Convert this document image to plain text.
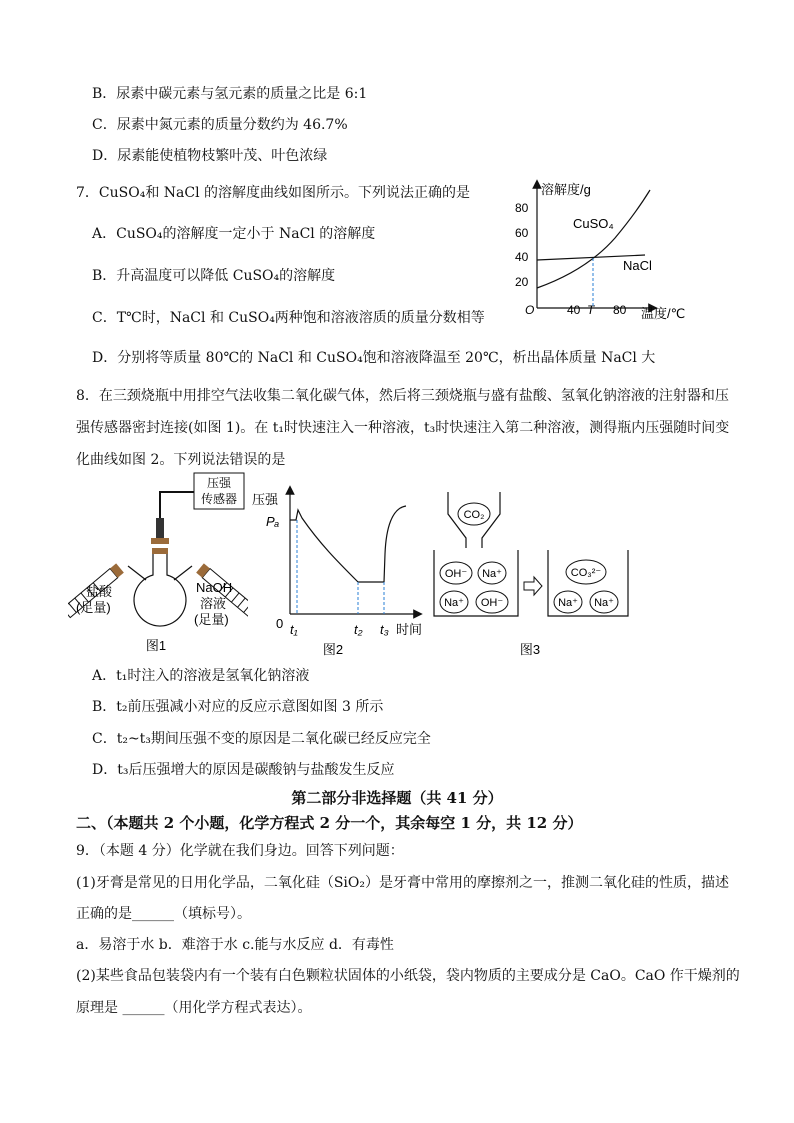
B．尿素中碳元素与氢元素的质量之比是 6:1
C．尿素中氮元素的质量分数约为 46.7%
D．尿素能使植物枝繁叶茂、叶色浓绿
7．CuSO₄和 NaCl 的溶解度曲线如图所示。下列说法正确的是
A．CuSO₄的溶解度一定小于 NaCl 的溶解度
B．升高温度可以降低 CuSO₄的溶解度
C．T℃时，NaCl 和 CuSO₄两种饱和溶液溶质的质量分数相等
D．分别将等质量 80℃的 NaCl 和 CuSO₄饱和溶液降温至 20℃，析出晶体质量 NaCl 大
溶解度/g
80
60
40
20
O	40 T 80 温度/℃
CuSO₄
NaCl
8．在三颈烧瓶中用排空气法收集二氧化碳气体，然后将三颈烧瓶与盛有盐酸、氢氧化钠溶液的注射器和压
强传感器密封连接(如图 1)。在 t₁时快速注入一种溶液，t₃时快速注入第二种溶液，测得瓶内压强随时间变
化曲线如图 2。下列说法错误的是
压强
传感器
盐酸
(足量)
NaOH
溶液
(足量)
图1
压强
Pₐ
0 t₁	t₂ t₃ 时间
图2
CO₂
OH⁻ Na⁺
Na⁺ OH⁻
CO₃²⁻
Na⁺ Na⁺
图3
A．t₁时注入的溶液是氢氧化钠溶液
B．t₂前压强减小对应的反应示意图如图 3 所示
C．t₂~t₃期间压强不变的原因是二氧化碳已经反应完全
D．t₃后压强增大的原因是碳酸钠与盐酸发生反应
第二部分非选择题（共 41 分）
二、（本题共 2 个小题，化学方程式 2 分一个，其余每空 1 分，共 12 分）
9．（本题 4 分）化学就在我们身边。回答下列问题：
(1)牙膏是常见的日用化学品，二氧化硅（SiO₂）是牙膏中常用的摩擦剂之一，推测二氧化硅的性质，描述
正确的是______（填标号）。
a．易溶于水 b．难溶于水 c.能与水反应 d．有毒性
(2)某些食品包装袋内有一个装有白色颗粒状固体的小纸袋，袋内物质的主要成分是 CaO。CaO 作干燥剂的
原理是 ______（用化学方程式表达）。
